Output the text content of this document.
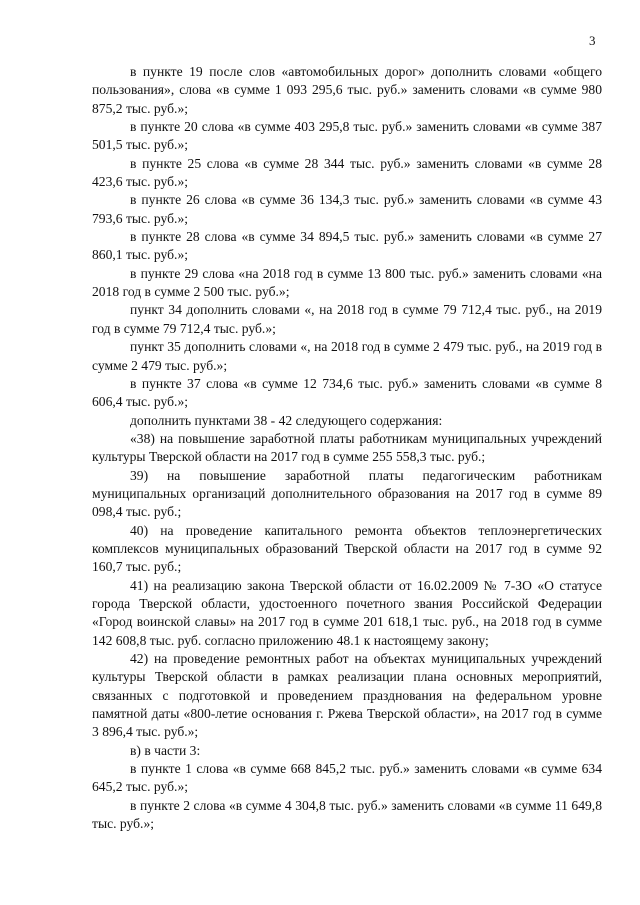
3

в пункте 19 после слов «автомобильных дорог» дополнить словами «общего пользования», слова «в сумме 1 093 295,6 тыс. руб.» заменить словами «в сумме 980 875,2 тыс. руб.»;

в пункте 20 слова «в сумме 403 295,8 тыс. руб.» заменить словами «в сумме 387 501,5 тыс. руб.»;

в пункте 25 слова «в сумме 28 344 тыс. руб.» заменить словами «в сумме 28 423,6 тыс. руб.»;

в пункте 26 слова «в сумме 36 134,3 тыс. руб.» заменить словами «в сумме 43 793,6 тыс. руб.»;

в пункте 28 слова «в сумме 34 894,5 тыс. руб.» заменить словами «в сумме 27 860,1 тыс. руб.»;

в пункте 29 слова «на 2018 год в сумме 13 800 тыс. руб.» заменить словами «на 2018 год в сумме 2 500 тыс. руб.»;

пункт 34 дополнить словами «, на 2018 год в сумме 79 712,4 тыс. руб., на 2019 год в сумме 79 712,4 тыс. руб.»;

пункт 35 дополнить словами «, на 2018 год в сумме 2 479 тыс. руб., на 2019 год в сумме 2 479 тыс. руб.»;

в пункте 37 слова «в сумме 12 734,6 тыс. руб.» заменить словами «в сумме 8 606,4 тыс. руб.»;

дополнить пунктами 38 - 42 следующего содержания:

«38) на повышение заработной платы работникам муниципальных учреждений культуры Тверской области на 2017 год в сумме 255 558,3 тыс. руб.;

39) на повышение заработной платы педагогическим работникам муниципальных организаций дополнительного образования на 2017 год в сумме 89 098,4 тыс. руб.;

40) на проведение капитального ремонта объектов теплоэнергетических комплексов муниципальных образований Тверской области на 2017 год в сумме 92 160,7 тыс. руб.;

41) на реализацию закона Тверской области от 16.02.2009 № 7-ЗО «О статусе города Тверской области, удостоенного почетного звания Российской Федерации «Город воинской славы» на 2017 год в сумме 201 618,1 тыс. руб., на 2018 год в сумме 142 608,8 тыс. руб. согласно приложению 48.1 к настоящему закону;

42) на проведение ремонтных работ на объектах муниципальных учреждений культуры Тверской области в рамках реализации плана основных мероприятий, связанных с подготовкой и проведением празднования на федеральном уровне памятной даты «800-летие основания г. Ржева Тверской области», на 2017 год в сумме 3 896,4 тыс. руб.»;

в) в части 3:

в пункте 1 слова «в сумме 668 845,2 тыс. руб.» заменить словами «в сумме 634 645,2 тыс. руб.»;

в пункте 2 слова «в сумме 4 304,8 тыс. руб.» заменить словами «в сумме 11 649,8 тыс. руб.»;
